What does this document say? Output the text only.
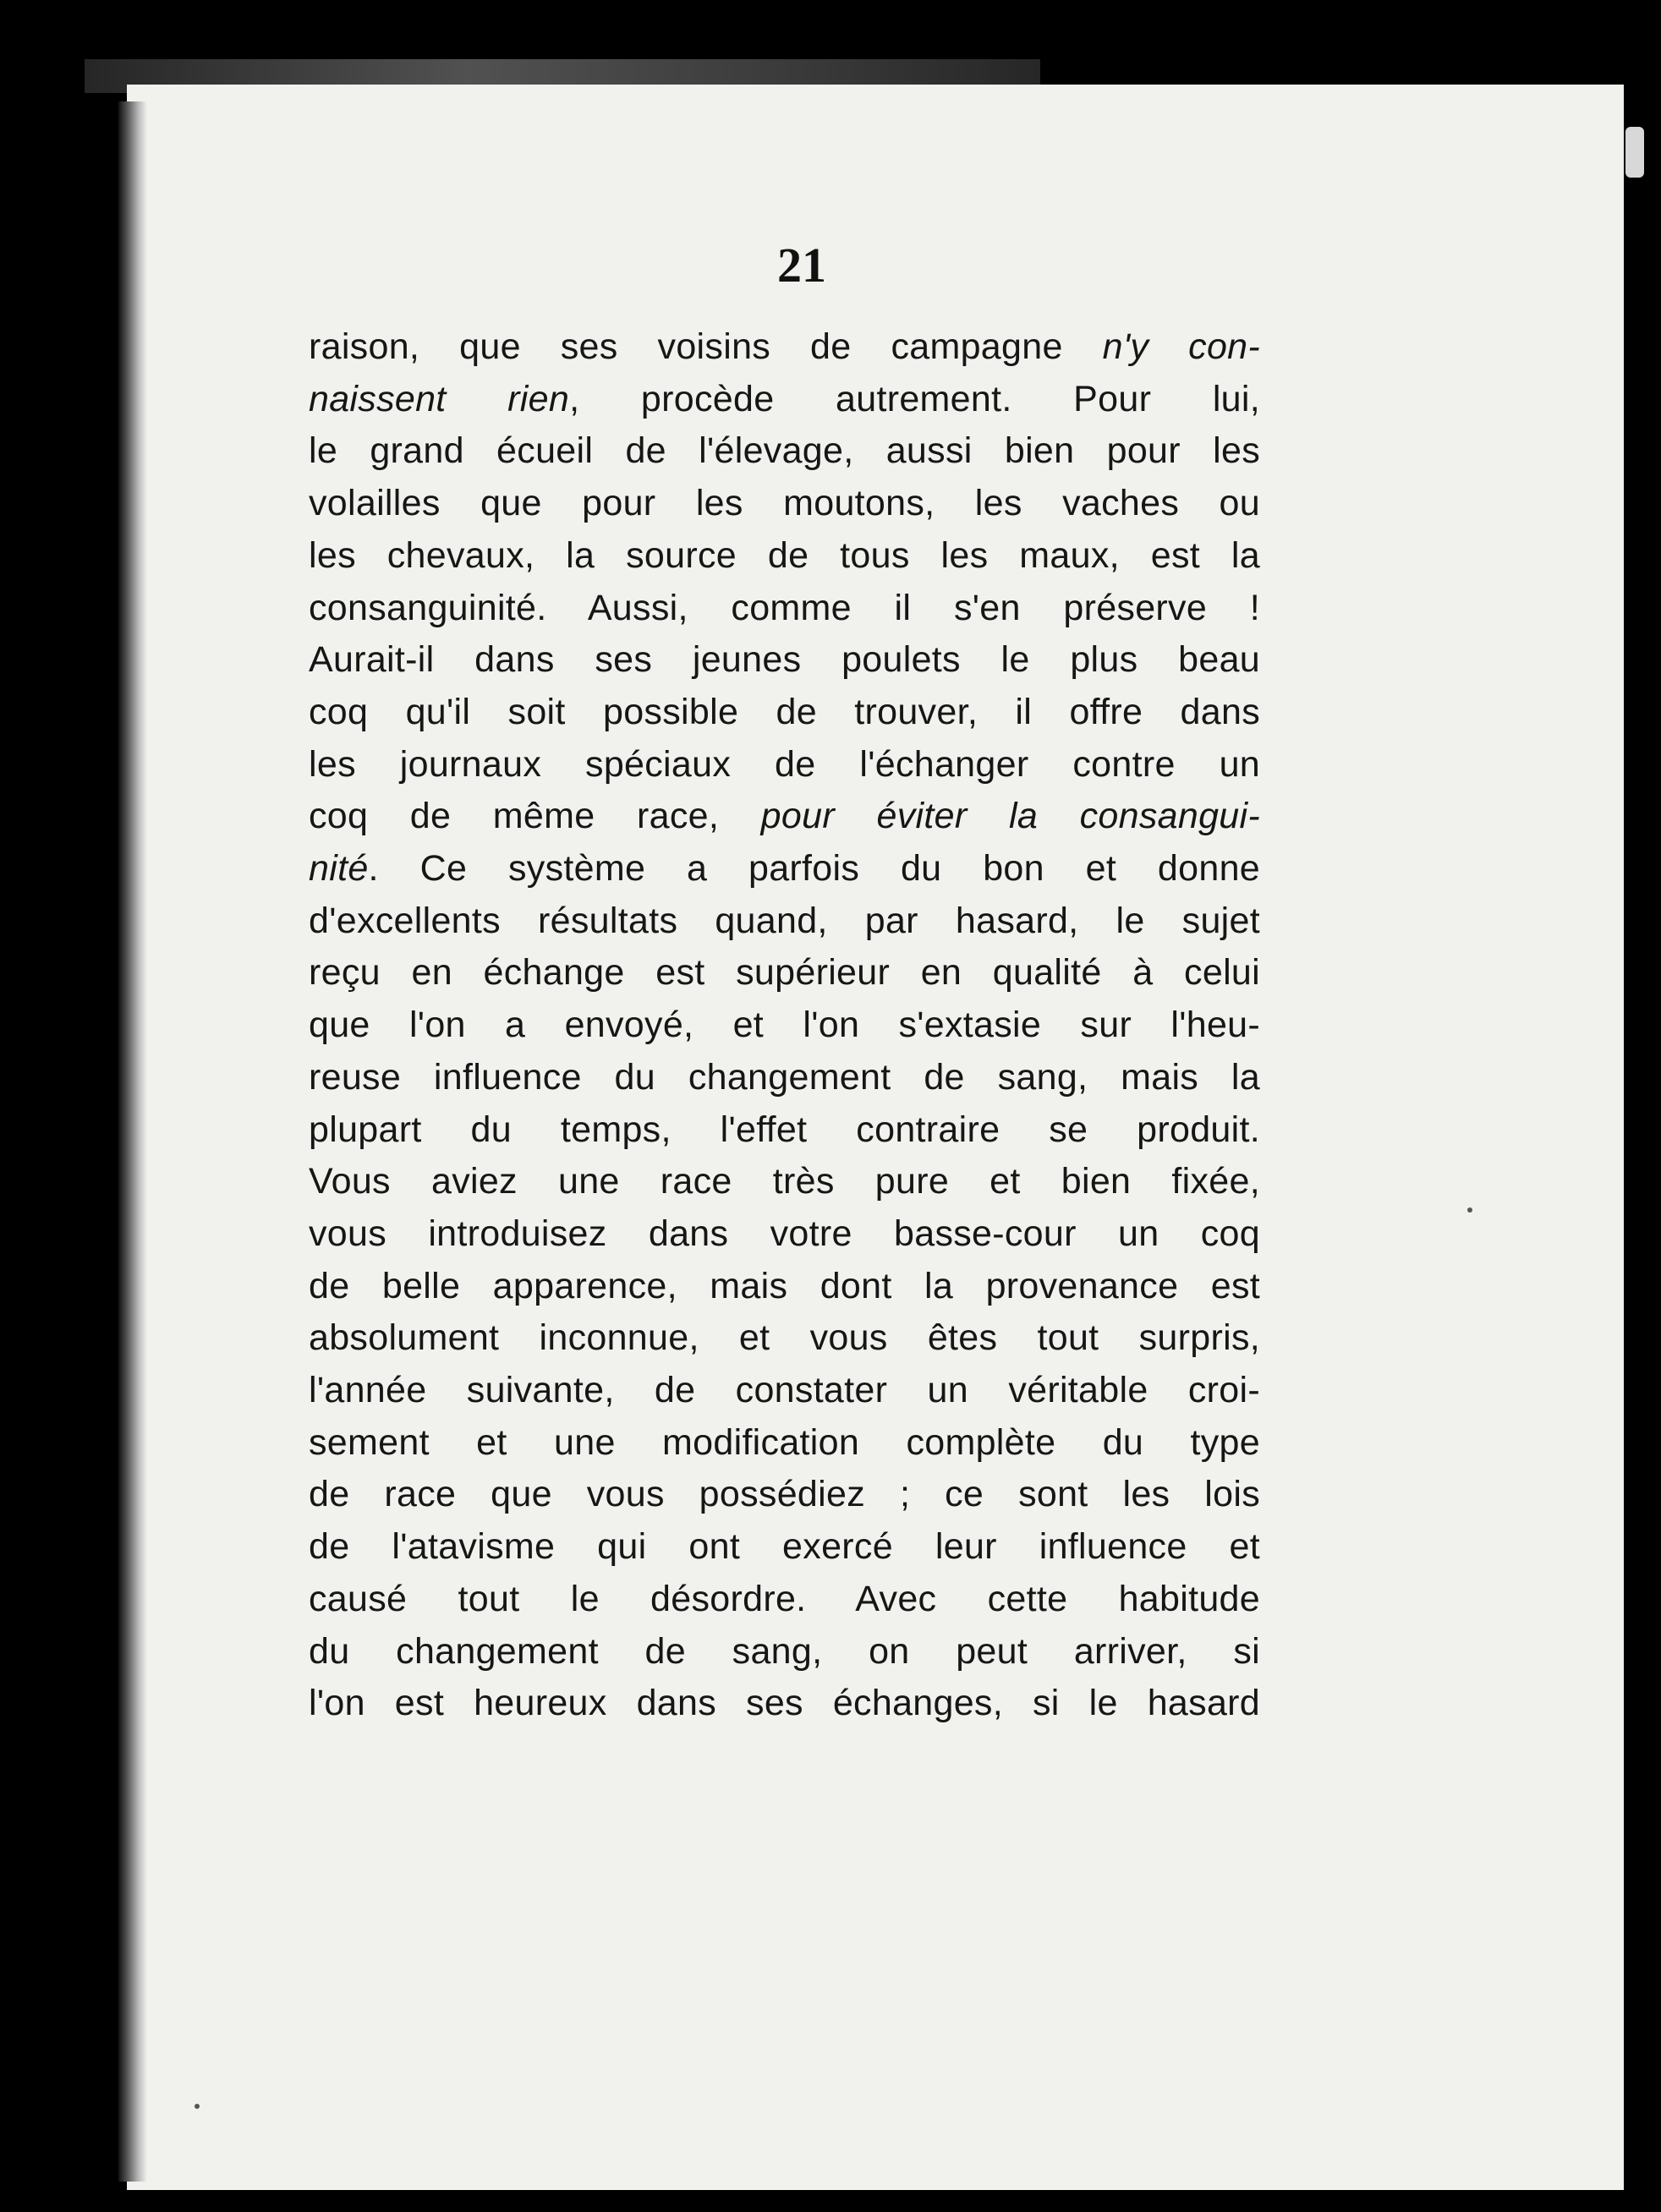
21
raison, que ses voisins de campagne n'y con-
naissent rien, procède autrement. Pour lui,
le grand écueil de l'élevage, aussi bien pour les
volailles que pour les moutons, les vaches ou
les chevaux, la source de tous les maux, est la
consanguinité. Aussi, comme il s'en préserve !
Aurait-il dans ses jeunes poulets le plus beau
coq qu'il soit possible de trouver, il offre dans
les journaux spéciaux de l'échanger contre un
coq de même race, pour éviter la consangui-
nité. Ce système a parfois du bon et donne
d'excellents résultats quand, par hasard, le sujet
reçu en échange est supérieur en qualité à celui
que l'on a envoyé, et l'on s'extasie sur l'heu-
reuse influence du changement de sang, mais la
plupart du temps, l'effet contraire se produit.
Vous aviez une race très pure et bien fixée,
vous introduisez dans votre basse-cour un coq
de belle apparence, mais dont la provenance est
absolument inconnue, et vous êtes tout surpris,
l'année suivante, de constater un véritable croi-
sement et une modification complète du type
de race que vous possédiez ; ce sont les lois
de l'atavisme qui ont exercé leur influence et
causé tout le désordre. Avec cette habitude
du changement de sang, on peut arriver, si
l'on est heureux dans ses échanges, si le hasard
